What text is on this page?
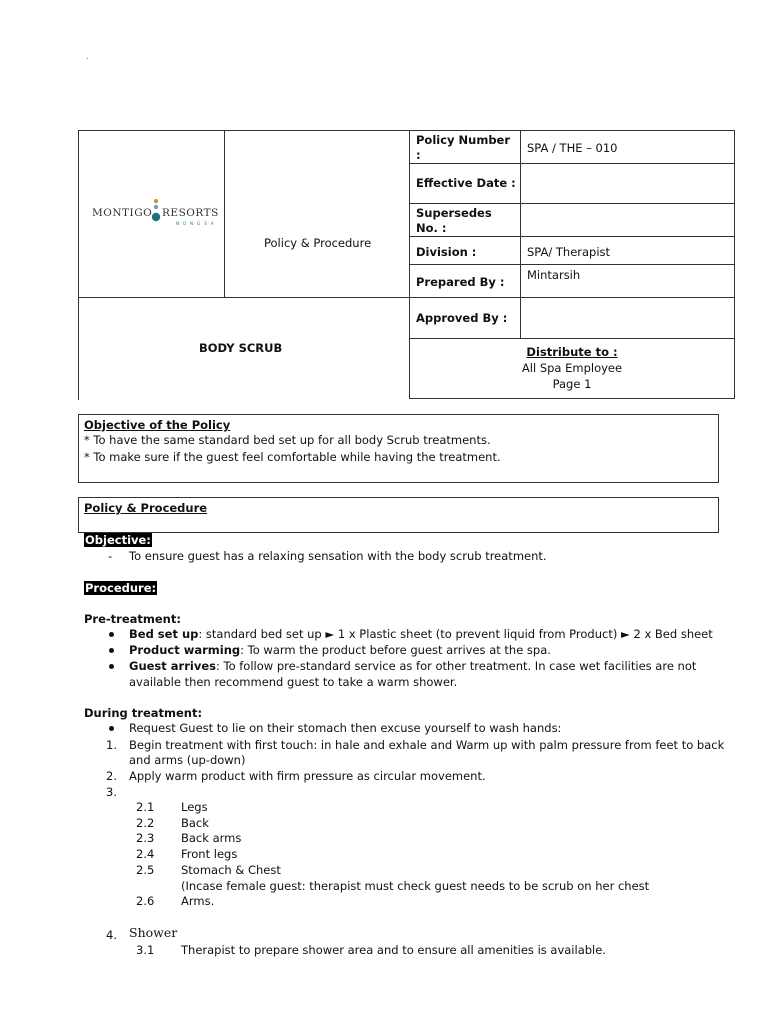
.
MONTIGO RESORTS
NONGSA
Policy & Procedure
BODY SCRUB
Policy Number :	SPA / THE – 010
Effective Date :
Supersedes No. :
Division :	SPA/ Therapist
Prepared By : Mintarsih
Approved By :
Distribute to :
All Spa Employee
Page 1
Objective of the Policy
* To have the same standard bed set up for all body Scrub treatments.
* To make sure if the guest feel comfortable while having the treatment.
Policy & Procedure
Objective:
- To ensure guest has a relaxing sensation with the body scrub treatment.
Procedure:
Pre-treatment:
Bed set up: standard bed set up ► 1 x Plastic sheet (to prevent liquid from Product) ► 2 x Bed sheet
Product warming: To warm the product before guest arrives at the spa.
Guest arrives: To follow pre-standard service as for other treatment. In case wet facilities are not
available then recommend guest to take a warm shower.
During treatment:
Request Guest to lie on their stomach then excuse yourself to wash hands:
1. Begin treatment with first touch: in hale and exhale and Warm up with palm pressure from feet to back
and arms (up-down)
2. Apply warm product with firm pressure as circular movement.
3.
2.1 Legs
2.2 Back
2.3 Back arms
2.4 Front legs
2.5 Stomach & Chest
(Incase female guest: therapist must check guest needs to be scrub on her chest
2.6 Arms.
4. Shower
3.1 Therapist to prepare shower area and to ensure all amenities is available.
